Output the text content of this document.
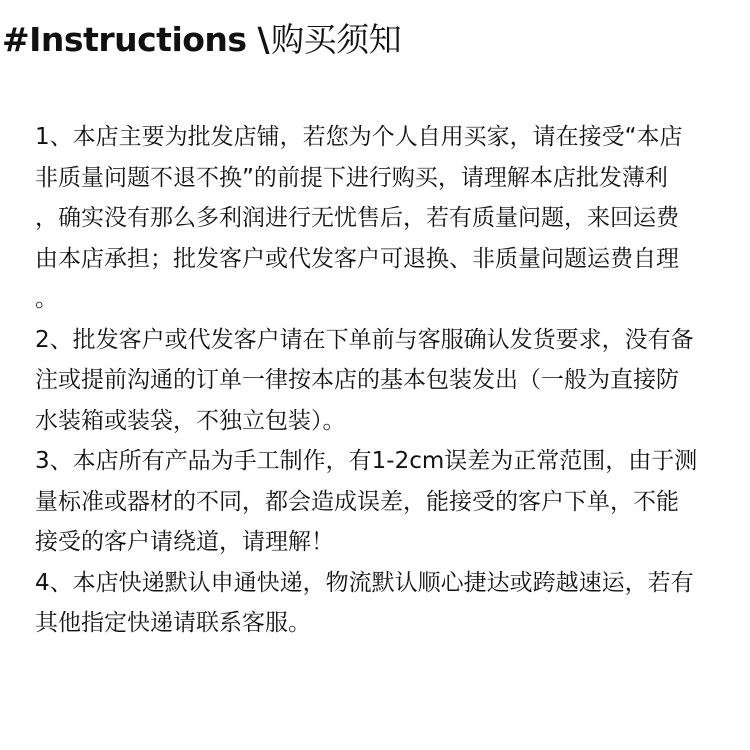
#Instructions \购买须知
1、本店主要为批发店铺，若您为个人自用买家，请在接受“本店
非质量问题不退不换”的前提下进行购买，请理解本店批发薄利
，确实没有那么多利润进行无忧售后，若有质量问题，来回运费
由本店承担；批发客户或代发客户可退换、非质量问题运费自理
。
2、批发客户或代发客户请在下单前与客服确认发货要求，没有备
注或提前沟通的订单一律按本店的基本包装发出（一般为直接防
水装箱或装袋，不独立包装）。
3、本店所有产品为手工制作，有1-2cm误差为正常范围，由于测
量标准或器材的不同，都会造成误差，能接受的客户下单，不能
接受的客户请绕道，请理解！
4、本店快递默认申通快递，物流默认顺心捷达或跨越速运，若有
其他指定快递请联系客服。
